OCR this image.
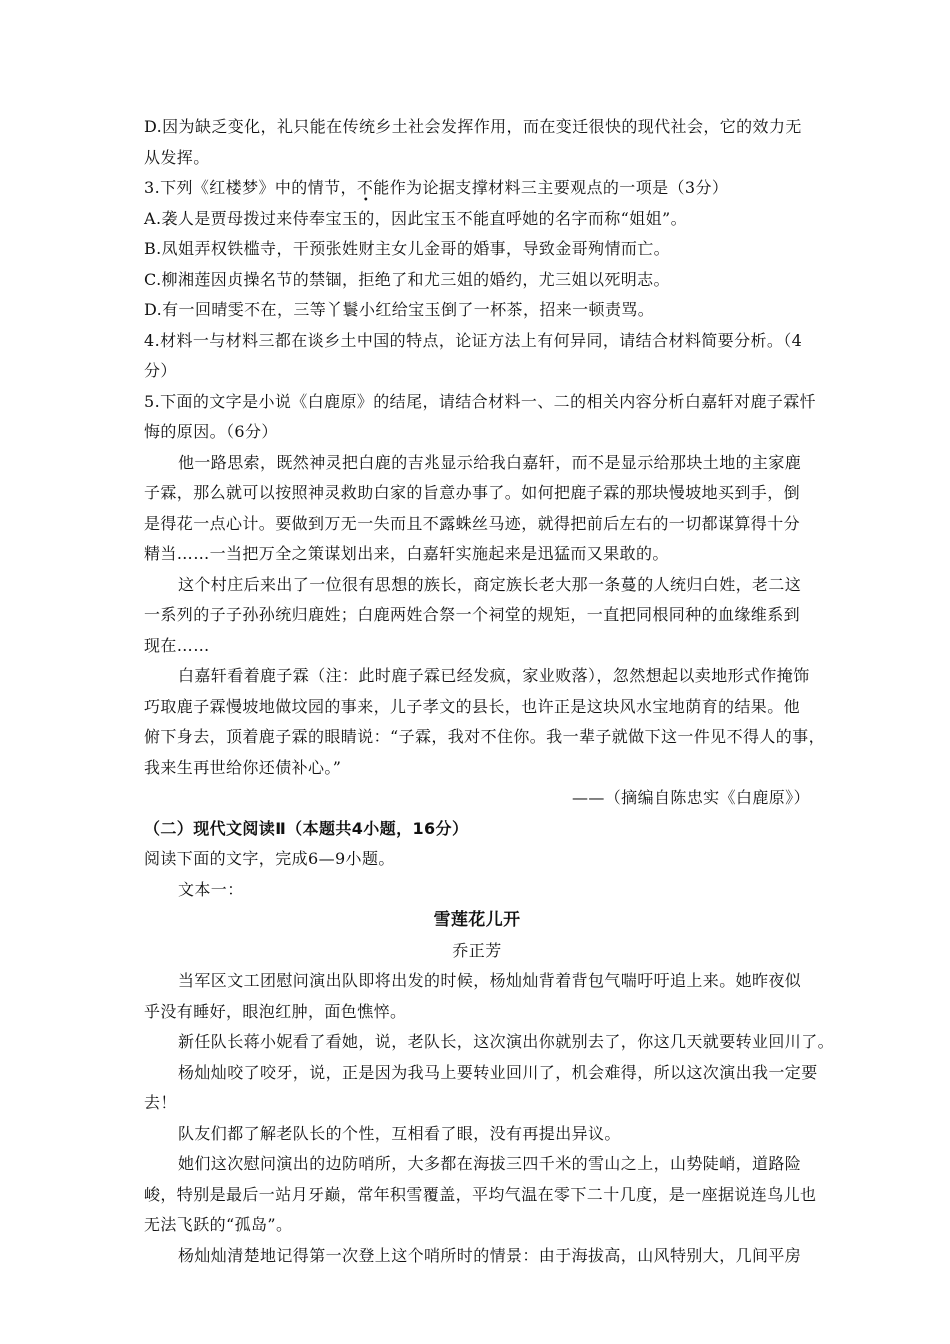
D.因为缺乏变化，礼只能在传统乡土社会发挥作用，而在变迁很快的现代社会，它的效力无
从发挥。
3.下列《红楼梦》中的情节，不
•
能作为论据支撑材料三主要观点的一项是（3分）
A.袭人是贾母拨过来侍奉宝玉的，因此宝玉不能直呼她的名字而称“姐姐”。
B.凤姐弄权铁槛寺，干预张姓财主女儿金哥的婚事，导致金哥殉情而亡。
C.柳湘莲因贞操名节的禁锢，拒绝了和尤三姐的婚约，尤三姐以死明志。
D.有一回晴雯不在，三等丫鬟小红给宝玉倒了一杯茶，招来一顿责骂。
4.材料一与材料三都在谈乡土中国的特点，论证方法上有何异同，请结合材料简要分析。（4
分）
5.下面的文字是小说《白鹿原》的结尾，请结合材料一、二的相关内容分析白嘉轩对鹿子霖忏
悔的原因。（6分）
他一路思索，既然神灵把白鹿的吉兆显示给我白嘉轩，而不是显示给那块土地的主家鹿
子霖，那么就可以按照神灵救助白家的旨意办事了。如何把鹿子霖的那块慢坡地买到手，倒
是得花一点心计。要做到万无一失而且不露蛛丝马迹，就得把前后左右的一切都谋算得十分
精当……一当把万全之策谋划出来，白嘉轩实施起来是迅猛而又果敢的。
这个村庄后来出了一位很有思想的族长，商定族长老大那一条蔓的人统归白姓，老二这
一系列的子子孙孙统归鹿姓；白鹿两姓合祭一个祠堂的规矩，一直把同根同种的血缘维系到
现在……
白嘉轩看着鹿子霖（注：此时鹿子霖已经发疯，家业败落），忽然想起以卖地形式作掩饰
巧取鹿子霖慢坡地做坟园的事来，儿子孝文的县长，也许正是这块风水宝地荫育的结果。他
俯下身去，顶着鹿子霖的眼睛说：“子霖，我对不住你。我一辈子就做下这一件见不得人的事，
我来生再世给你还债补心。”
——（摘编自陈忠实《白鹿原》）
（二）现代文阅读Ⅱ（本题共4小题，16分）
阅读下面的文字，完成6—9小题。
文本一：
雪莲花儿开
乔正芳
当军区文工团慰问演出队即将出发的时候，杨灿灿背着背包气喘吁吁追上来。她昨夜似
乎没有睡好，眼泡红肿，面色憔悴。
新任队长蒋小妮看了看她，说，老队长，这次演出你就别去了，你这几天就要转业回川了。
杨灿灿咬了咬牙，说，正是因为我马上要转业回川了，机会难得，所以这次演出我一定要
去！
队友们都了解老队长的个性，互相看了眼，没有再提出异议。
她们这次慰问演出的边防哨所，大多都在海拔三四千米的雪山之上，山势陡峭，道路险
峻，特别是最后一站月牙巅，常年积雪覆盖，平均气温在零下二十几度，是一座据说连鸟儿也
无法飞跃的“孤岛”。
杨灿灿清楚地记得第一次登上这个哨所时的情景：由于海拔高，山风特别大，几间平房
